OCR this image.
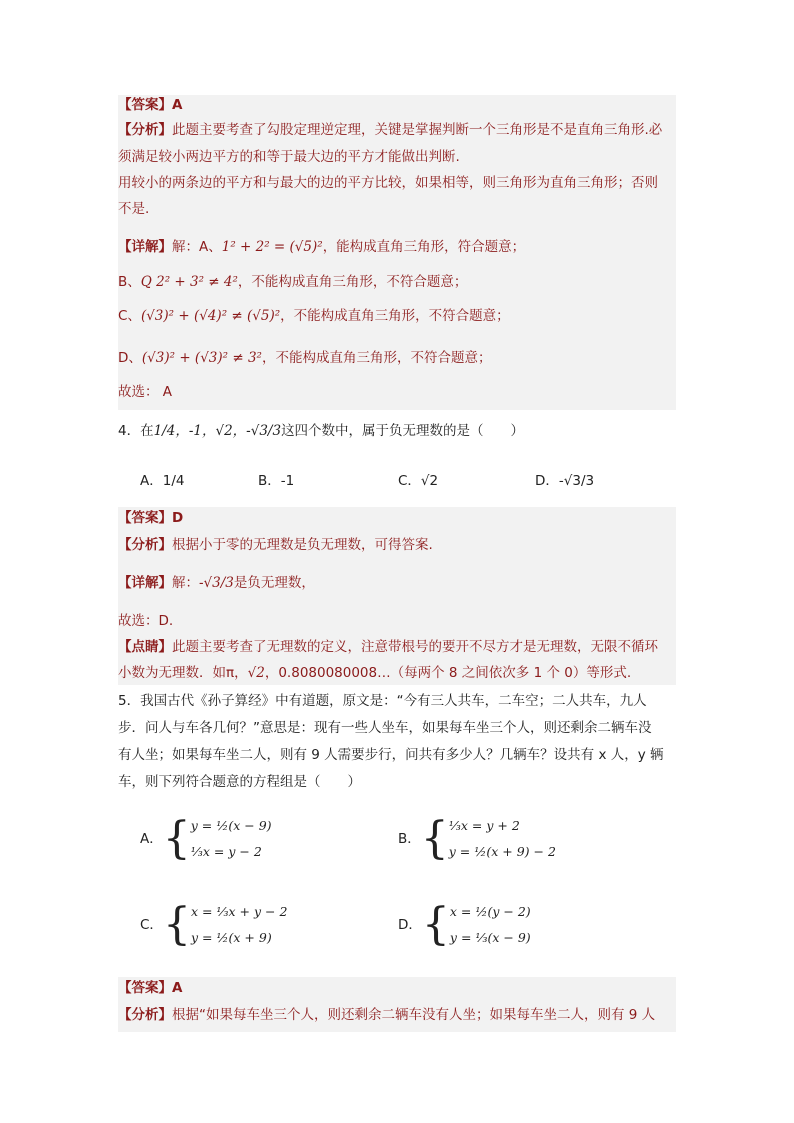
【答案】A
【分析】此题主要考查了勾股定理逆定理，关键是掌握判断一个三角形是不是直角三角形.必
须满足较小两边平方的和等于最大边的平方才能做出判断.
用较小的两条边的平方和与最大的边的平方比较，如果相等，则三角形为直角三角形；否则
不是.
【详解】解：A、1² + 2² = (√5)²，能构成直角三角形，符合题意；
B、Q 2² + 3² ≠ 4²，不能构成直角三角形，不符合题意；
C、(√3)² + (√4)² ≠ (√5)²，不能构成直角三角形，不符合题意；
D、(√3)² + (√3)² ≠ 3²，不能构成直角三角形，不符合题意；
故选： A
4．在1/4，-1，√2，-√3/3这四个数中，属于负无理数的是（　　）
A．1/4	B．-1	C．√2	D．-√3/3
【答案】D
【分析】根据小于零的无理数是负无理数，可得答案.
【详解】解：-√3/3是负无理数，
故选：D.
【点睛】此题主要考查了无理数的定义，注意带根号的要开不尽方才是无理数，无限不循环
小数为无理数．如π，√2，0.8080080008…（每两个 8 之间依次多 1 个 0）等形式.
5．我国古代《孙子算经》中有道题，原文是：“今有三人共车，二车空；二人共车，九人
步．问人与车各几何？”意思是：现有一些人坐车，如果每车坐三个人，则还剩余二辆车没
有人坐；如果每车坐二人，则有 9 人需要步行，问共有多少人？几辆车？设共有 x 人，y 辆
车，则下列符合题意的方程组是（　　）
A．{ y = ½(x − 9)
⅓x = y − 2
B．{ ⅓x = y + 2
y = ½(x + 9) − 2
C．{ x = ⅓x + y − 2
y = ½(x + 9)
D．{ x = ½(y − 2)
y = ⅓(x − 9)
【答案】A
【分析】根据“如果每车坐三个人，则还剩余二辆车没有人坐；如果每车坐二人，则有 9 人
